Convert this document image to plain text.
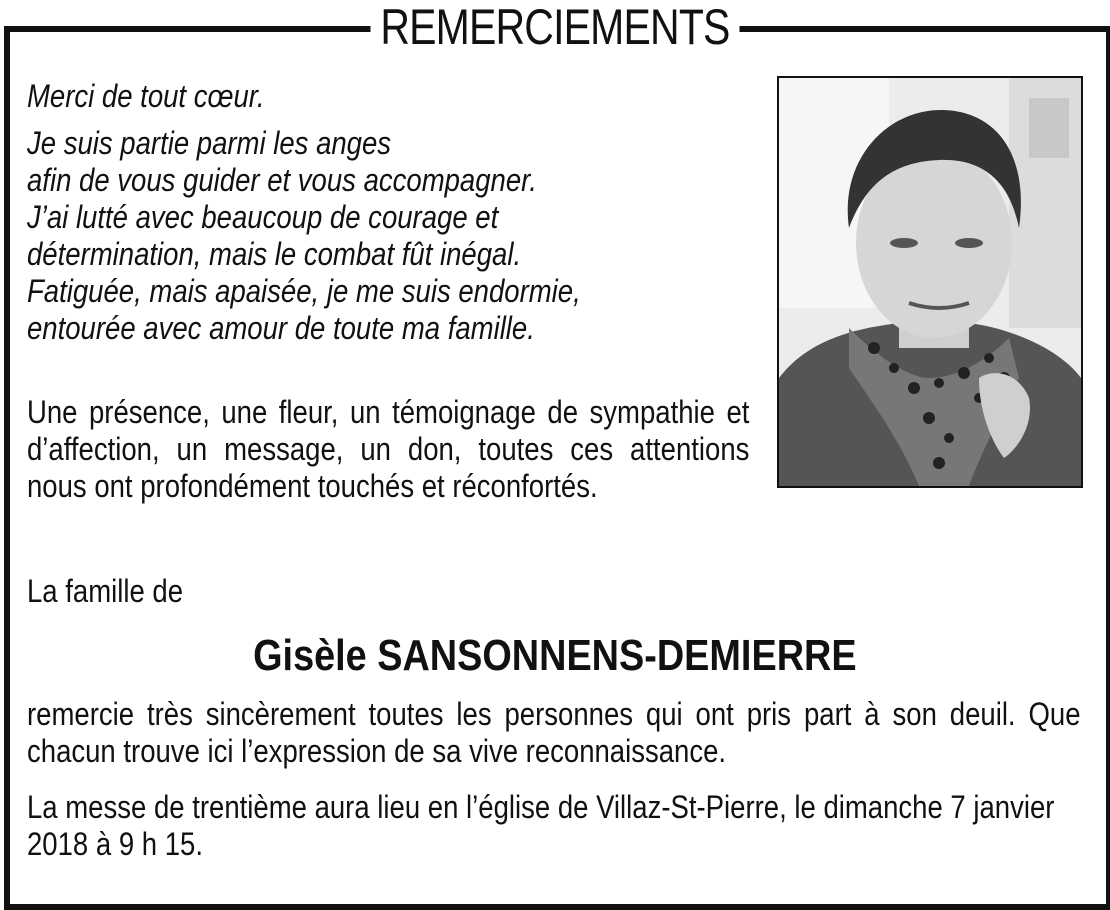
REMERCIEMENTS

Merci de tout cœur.

Je suis partie parmi les anges

afin de vous guider et vous accompagner.

J’ai lutté avec beaucoup de courage et

détermination, mais le combat fût inégal.

Fatiguée, mais apaisée, je me suis endormie,

entourée avec amour de toute ma famille.

Une présence, une fleur, un témoignage de sympathie et d’affection, un message, un don, toutes ces attentions nous ont profondément touchés et réconfortés.
La famille de
Gisèle SANSONNENS-DEMIERRE
remercie très sincèrement toutes les personnes qui ont pris part à son deuil. Que chacun trouve ici l’expression de sa vive reconnaissance.
La messe de trentième aura lieu en l’église de Villaz-St-Pierre, le dimanche 7 janvier 2018 à 9 h 15.
